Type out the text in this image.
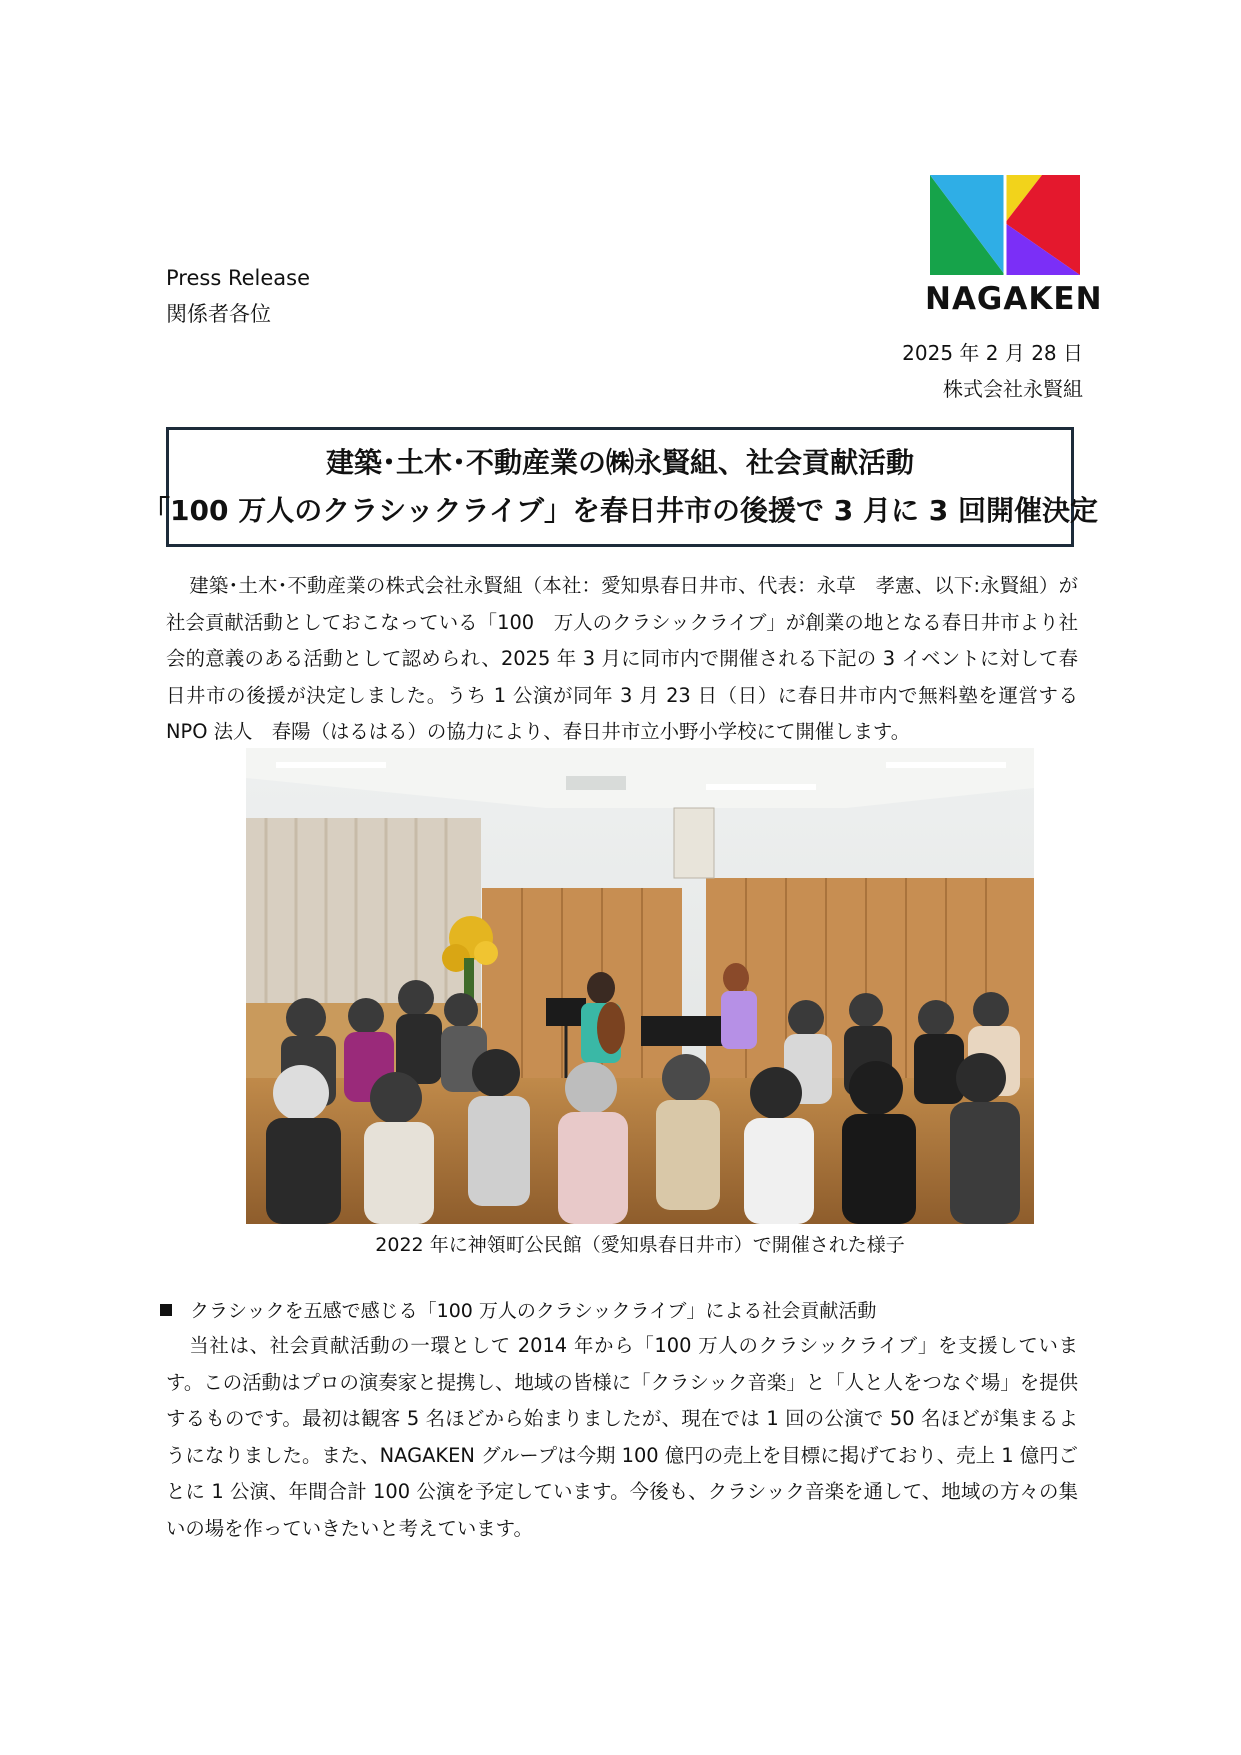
Press Release
関係者各位	NAGAKEN
2025 年 2 月 28 日
株式会社永賢組
建築･土木･不動産業の㈱永賢組、社会貢献活動
「100 万人のクラシックライブ」を春日井市の後援で 3 月に 3 回開催決定
建築･土木･不動産業の株式会社永賢組（本社：愛知県春日井市、代表：永草　孝憲、以下:永賢組）が社会貢献活動としておこなっている「100　万人のクラシックライブ」が創業の地となる春日井市より社会的意義のある活動として認められ、2025 年 3 月に同市内で開催される下記の 3 イベントに対して春日井市の後援が決定しました。うち 1 公演が同年 3 月 23 日（日）に春日井市内で無料塾を運営する NPO 法人　春陽（はるはる）の協力により、春日井市立小野小学校にて開催します。
2022 年に神領町公民館（愛知県春日井市）で開催された様子
クラシックを五感で感じる「100 万人のクラシックライブ」による社会貢献活動
当社は、社会貢献活動の一環として 2014 年から「100 万人のクラシックライブ」を支援しています。この活動はプロの演奏家と提携し、地域の皆様に「クラシック音楽」と「人と人をつなぐ場」を提供するものです。最初は観客 5 名ほどから始まりましたが、現在では 1 回の公演で 50 名ほどが集まるようになりました。また、NAGAKEN グループは今期 100 億円の売上を目標に掲げており、売上 1 億円ごとに 1 公演、年間合計 100 公演を予定しています。今後も、クラシック音楽を通して、地域の方々の集いの場を作っていきたいと考えています。
